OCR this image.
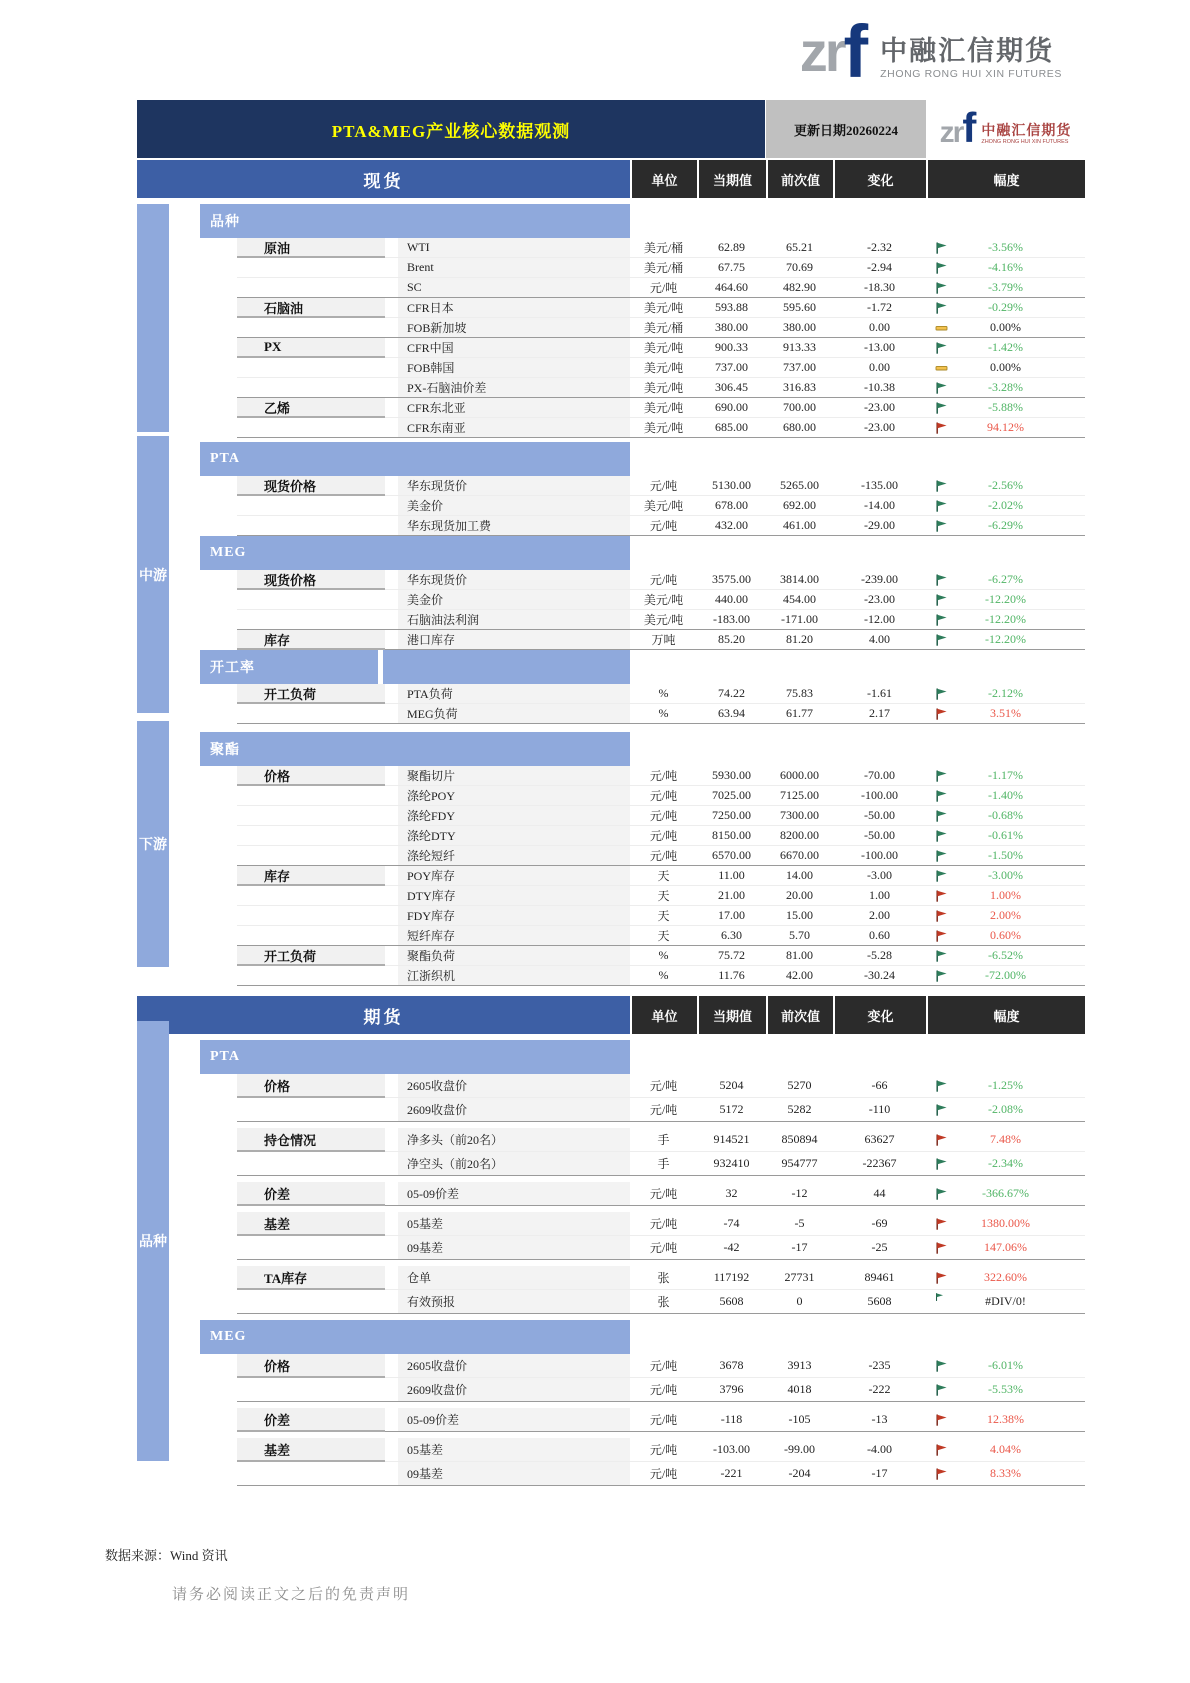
zrf 中融汇信期货
ZHONG RONG HUI XIN FUTURES
PTA&MEG产业核心数据观测	更新日期20260224	zrf 中融汇信期货
ZHONG RONG HUI XIN FUTURES
现货	单位	当期值	前次值	变化	幅度
品种
原油	WTI	美元/桶	62.89	65.21	-2.32	-3.56%
Brent	美元/桶	67.75	70.69	-2.94	-4.16%
SC	元/吨	464.60	482.90	-18.30	-3.79%
石脑油	CFR日本	美元/吨	593.88	595.60	-1.72	-0.29%
FOB新加坡	美元/桶	380.00	380.00	0.00	0.00%
PX	CFR中国	美元/吨	900.33	913.33	-13.00	-1.42%
FOB韩国	美元/吨	737.00	737.00	0.00	0.00%
PX-石脑油价差	美元/吨	306.45	316.83	-10.38	-3.28%
乙烯	CFR东北亚	美元/吨	690.00	700.00	-23.00	-5.88%
CFR东南亚	美元/吨	685.00	680.00	-23.00	94.12%
PTA
现货价格	华东现货价	元/吨	5130.00	5265.00	-135.00	-2.56%
美金价	美元/吨	678.00	692.00	-14.00	-2.02%
华东现货加工费	元/吨	432.00	461.00	-29.00	-6.29%
MEG
现货价格	华东现货价	元/吨	3575.00	3814.00	-239.00	-6.27%
美金价	美元/吨	440.00	454.00	-23.00	-12.20%
石脑油法利润	美元/吨	-183.00	-171.00	-12.00	-12.20%
库存	港口库存	万吨	85.20	81.20	4.00	-12.20%
开工率
开工负荷	PTA负荷	%	74.22	75.83	-1.61	-2.12%
MEG负荷	%	63.94	61.77	2.17	3.51%
聚酯
价格	聚酯切片	元/吨	5930.00	6000.00	-70.00	-1.17%
涤纶POY	元/吨	7025.00	7125.00	-100.00	-1.40%
涤纶FDY	元/吨	7250.00	7300.00	-50.00	-0.68%
涤纶DTY	元/吨	8150.00	8200.00	-50.00	-0.61%
涤纶短纤	元/吨	6570.00	6670.00	-100.00	-1.50%
库存	POY库存	天	11.00	14.00	-3.00	-3.00%
DTY库存	天	21.00	20.00	1.00	1.00%
FDY库存	天	17.00	15.00	2.00	2.00%
短纤库存	天	6.30	5.70	0.60	0.60%
开工负荷	聚酯负荷	%	75.72	81.00	-5.28	-6.52%
江浙织机	%	11.76	42.00	-30.24	-72.00%
期货	单位	当期值	前次值	变化	幅度
PTA
价格	2605收盘价	元/吨	5204	5270	-66	-1.25%
2609收盘价	元/吨	5172	5282	-110	-2.08%
持仓情况	净多头（前20名）	手	914521	850894	63627	7.48%
净空头（前20名）	手	932410	954777	-22367	-2.34%
价差	05-09价差	元/吨	32	-12	44	-366.67%
基差	05基差	元/吨	-74	-5	-69	1380.00%
09基差	元/吨	-42	-17	-25	147.06%
TA库存	仓单	张	117192	27731	89461	322.60%
有效预报	张	5608	0	5608	#DIV/0!
MEG
价格	2605收盘价	元/吨	3678	3913	-235	-6.01%
2609收盘价	元/吨	3796	4018	-222	-5.53%
价差	05-09价差	元/吨	-118	-105	-13	12.38%
基差	05基差	元/吨	-103.00	-99.00	-4.00	4.04%
09基差	元/吨	-221	-204	-17	8.33%
中游
下游
品种
数据来源：Wind 资讯
请务必阅读正文之后的免责声明
